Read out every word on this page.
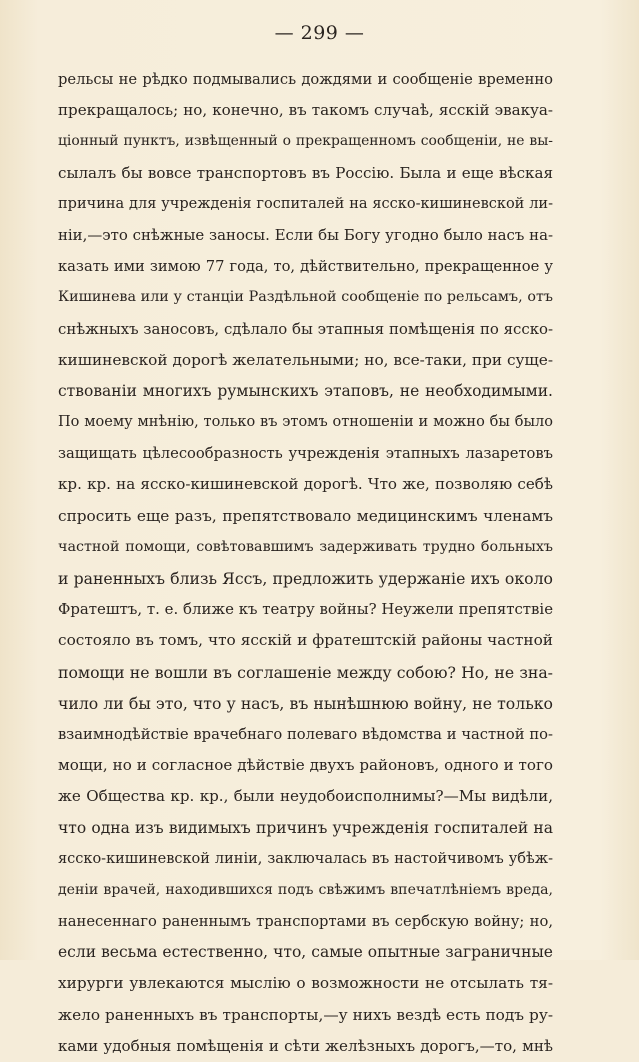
— 299 —
рельсы не рѣдко подмывались дождями и сообщеніе временно
прекращалось; но, конечно, въ такомъ случаѣ, ясскій эвакуа-
ціонный пунктъ, извѣщенный о прекращенномъ сообщеніи, не вы-
сылалъ бы вовсе транспортовъ въ Россію. Была и еще вѣская
причина для учрежденія госпиталей на ясско-кишиневской ли-
ніи,—это снѣжные заносы. Если бы Богу угодно было насъ на-
казать ими зимою 77 года, то, дѣйствительно, прекращенное у
Кишинева или у станціи Раздѣльной сообщеніе по рельсамъ, отъ
снѣжныхъ заносовъ, сдѣлало бы этапныя помѣщенія по ясско-
кишиневской дорогѣ желательными; но, все-таки, при суще-
ствованіи многихъ румынскихъ этаповъ, не необходимыми.
По моему мнѣнію, только въ этомъ отношеніи и можно бы было
защищать цѣлесообразность учрежденія этапныхъ лазаретовъ
кр. кр. на ясско-кишиневской дорогѣ. Что же, позволяю себѣ
спросить еще разъ, препятствовало медицинскимъ членамъ
частной помощи, совѣтовавшимъ задерживать трудно больныхъ
и раненныхъ близь Яссъ, предложить удержаніе ихъ около
Фратештъ, т. е. ближе къ театру войны? Неужели препятствіе
состояло въ томъ, что ясскій и фратештскій районы частной
помощи не вошли въ соглашеніе между собою? Но, не зна-
чило ли бы это, что у насъ, въ нынѣшнюю войну, не только
взаимнодѣйствіе врачебнаго полеваго вѣдомства и частной по-
мощи, но и согласное дѣйствіе двухъ районовъ, одного и того
же Общества кр. кр., были неудобоисполнимы?—Мы видѣли,
что одна изъ видимыхъ причинъ учрежденія госпиталей на
ясско-кишиневской линіи, заключалась въ настойчивомъ убѣж-
деніи врачей, находившихся подъ свѣжимъ впечатлѣніемъ вреда,
нанесеннаго раненнымъ транспортами въ сербскую войну; но,
если весьма естественно, что, самые опытные заграничные
хирурги увлекаются мыслію о возможности не отсылать тя-
жело раненныхъ въ транспорты,—у нихъ вездѣ есть подъ ру-
ками удобныя помѣщенія и сѣти желѣзныхъ дорогъ,—то, мнѣ
